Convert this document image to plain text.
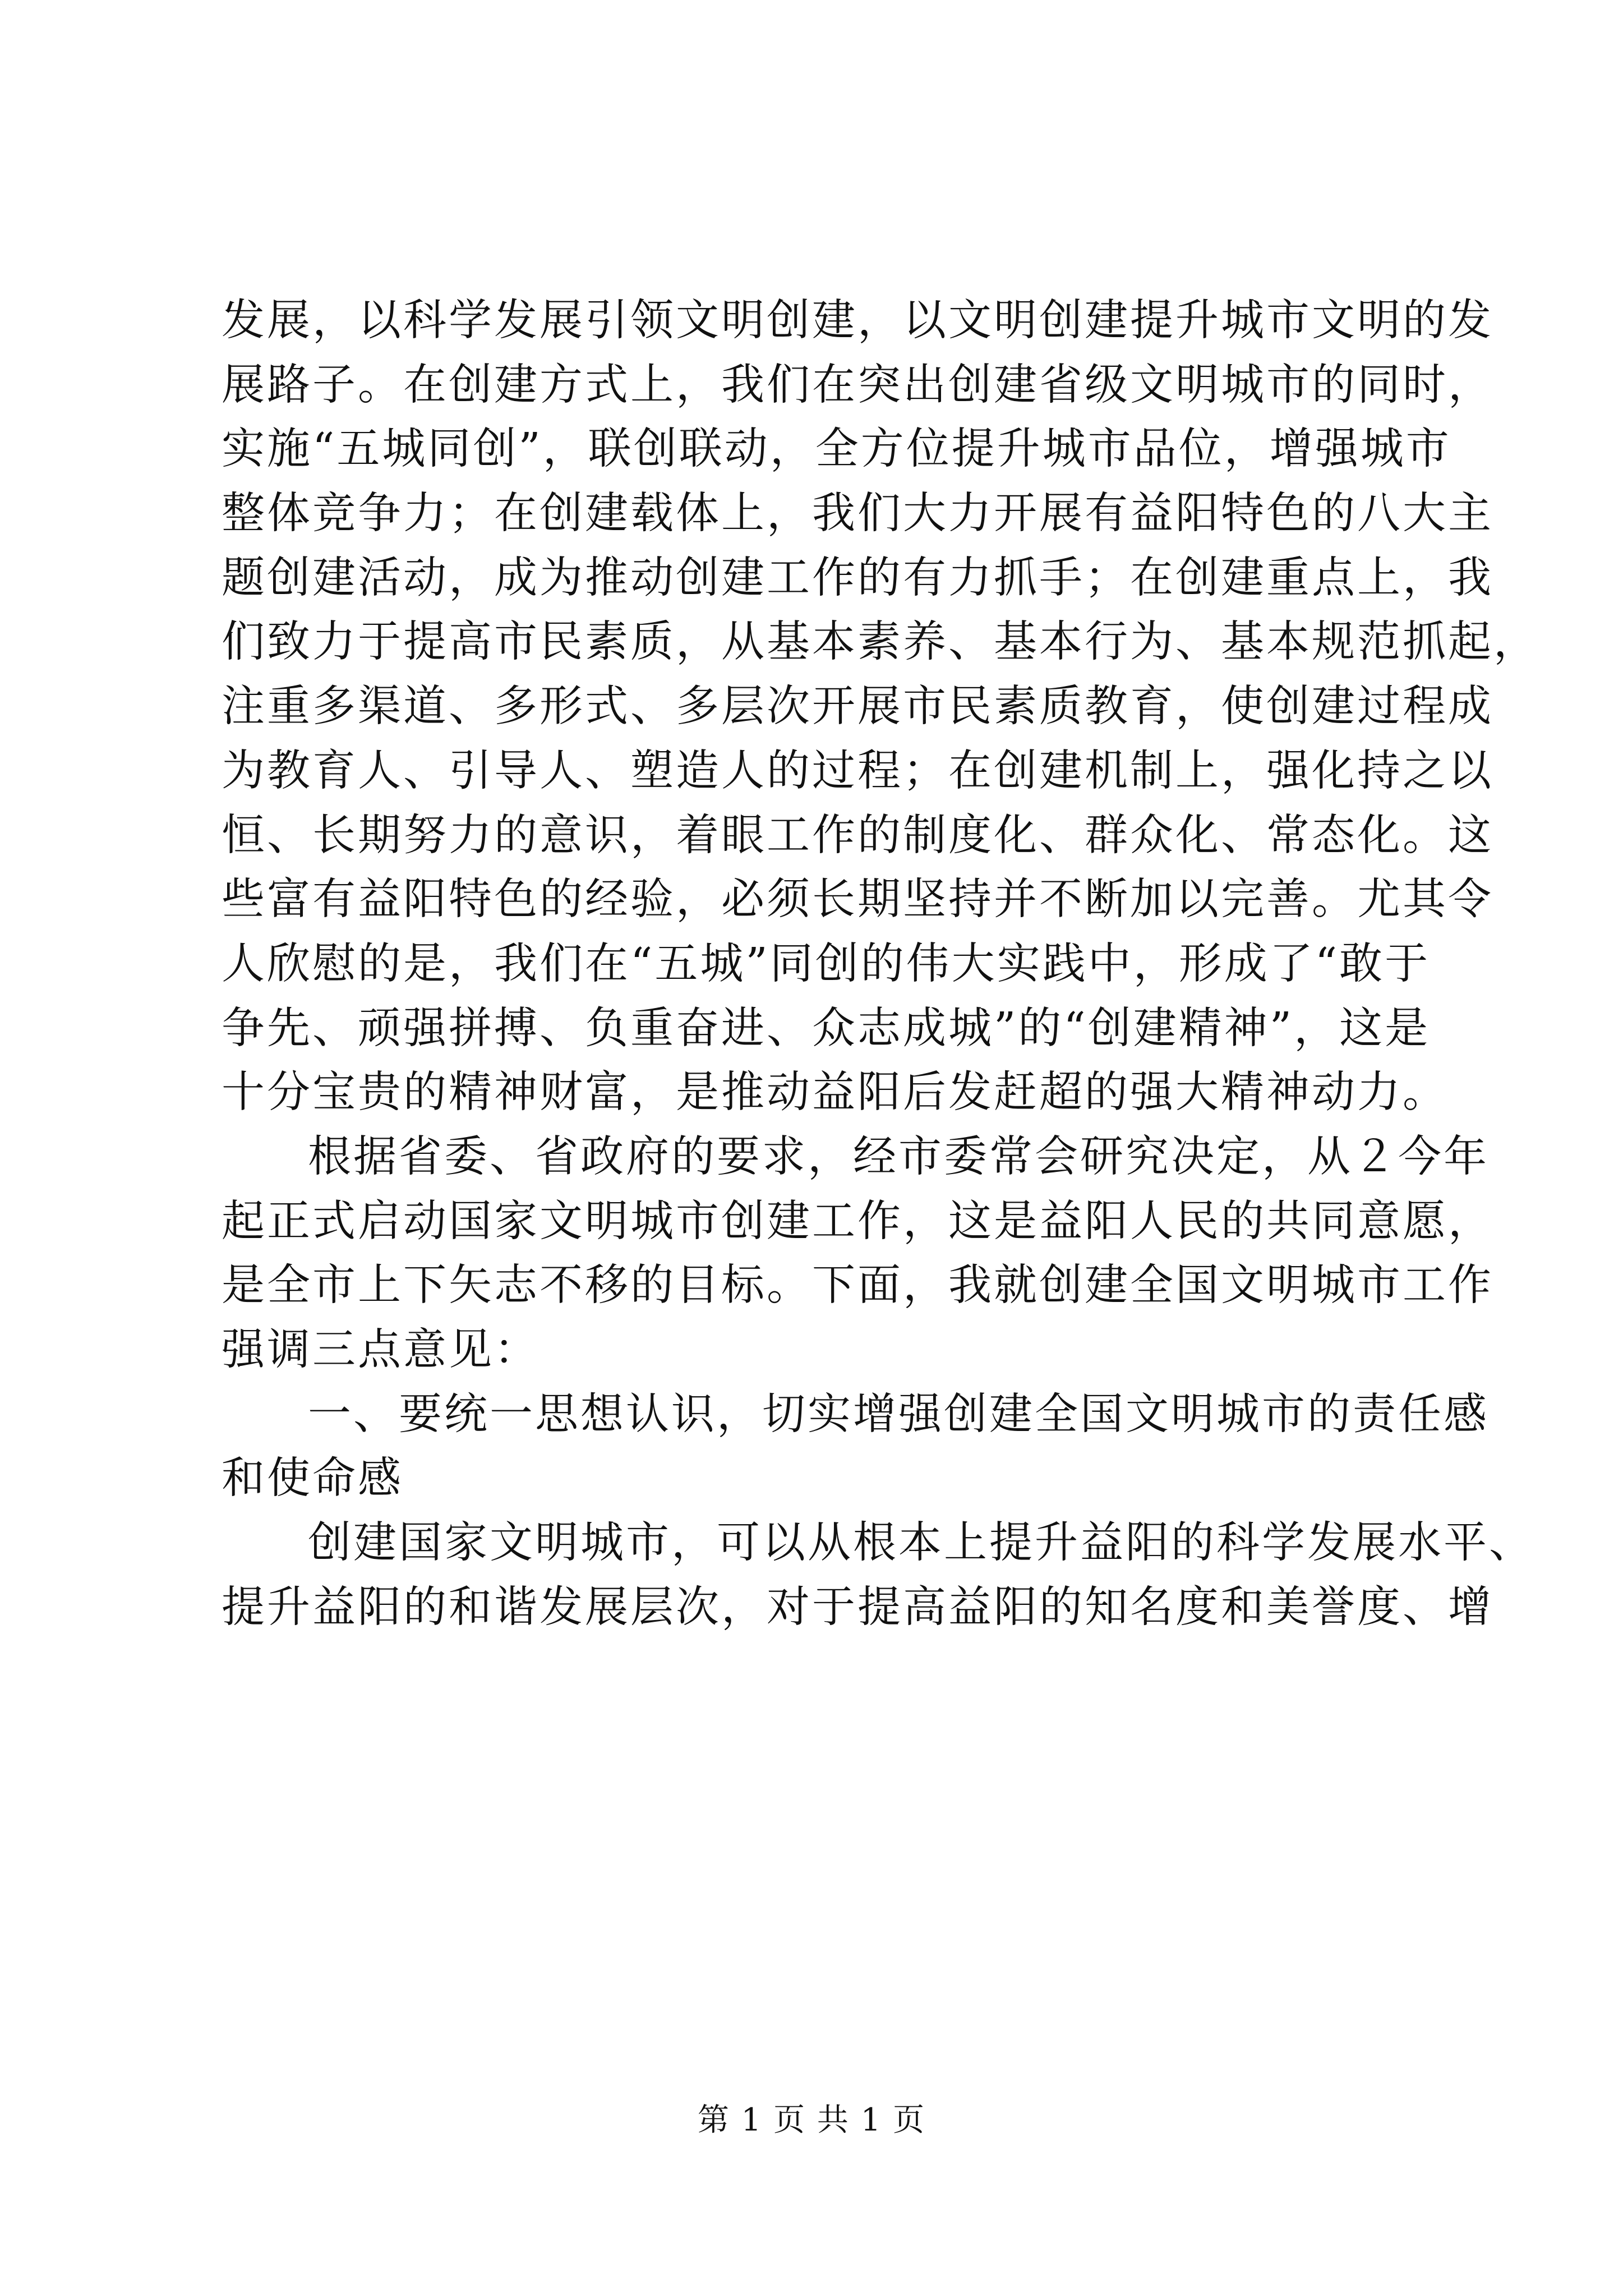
发展，以科学发展引领文明创建，以文明创建提升城市文明的发
展路子。在创建方式上，我们在突出创建省级文明城市的同时，
实施“五城同创”，联创联动，全方位提升城市品位，增强城市
整体竞争力；在创建载体上，我们大力开展有益阳特色的八大主
题创建活动，成为推动创建工作的有力抓手；在创建重点上，我
们致力于提高市民素质，从基本素养、基本行为、基本规范抓起，
注重多渠道、多形式、多层次开展市民素质教育，使创建过程成
为教育人、引导人、塑造人的过程；在创建机制上，强化持之以
恒、长期努力的意识，着眼工作的制度化、群众化、常态化。这
些富有益阳特色的经验，必须长期坚持并不断加以完善。尤其令
人欣慰的是，我们在“五城”同创的伟大实践中，形成了“敢于
争先、顽强拼搏、负重奋进、众志成城”的“创建精神”，这是
十分宝贵的精神财富，是推动益阳后发赶超的强大精神动力。
根据省委、省政府的要求，经市委常会研究决定，从２今年
起正式启动国家文明城市创建工作，这是益阳人民的共同意愿，
是全市上下矢志不移的目标。下面，我就创建全国文明城市工作
强调三点意见：
一、要统一思想认识，切实增强创建全国文明城市的责任感
和使命感
创建国家文明城市，可以从根本上提升益阳的科学发展水平、
提升益阳的和谐发展层次，对于提高益阳的知名度和美誉度、增
第 1 页 共 1 页
